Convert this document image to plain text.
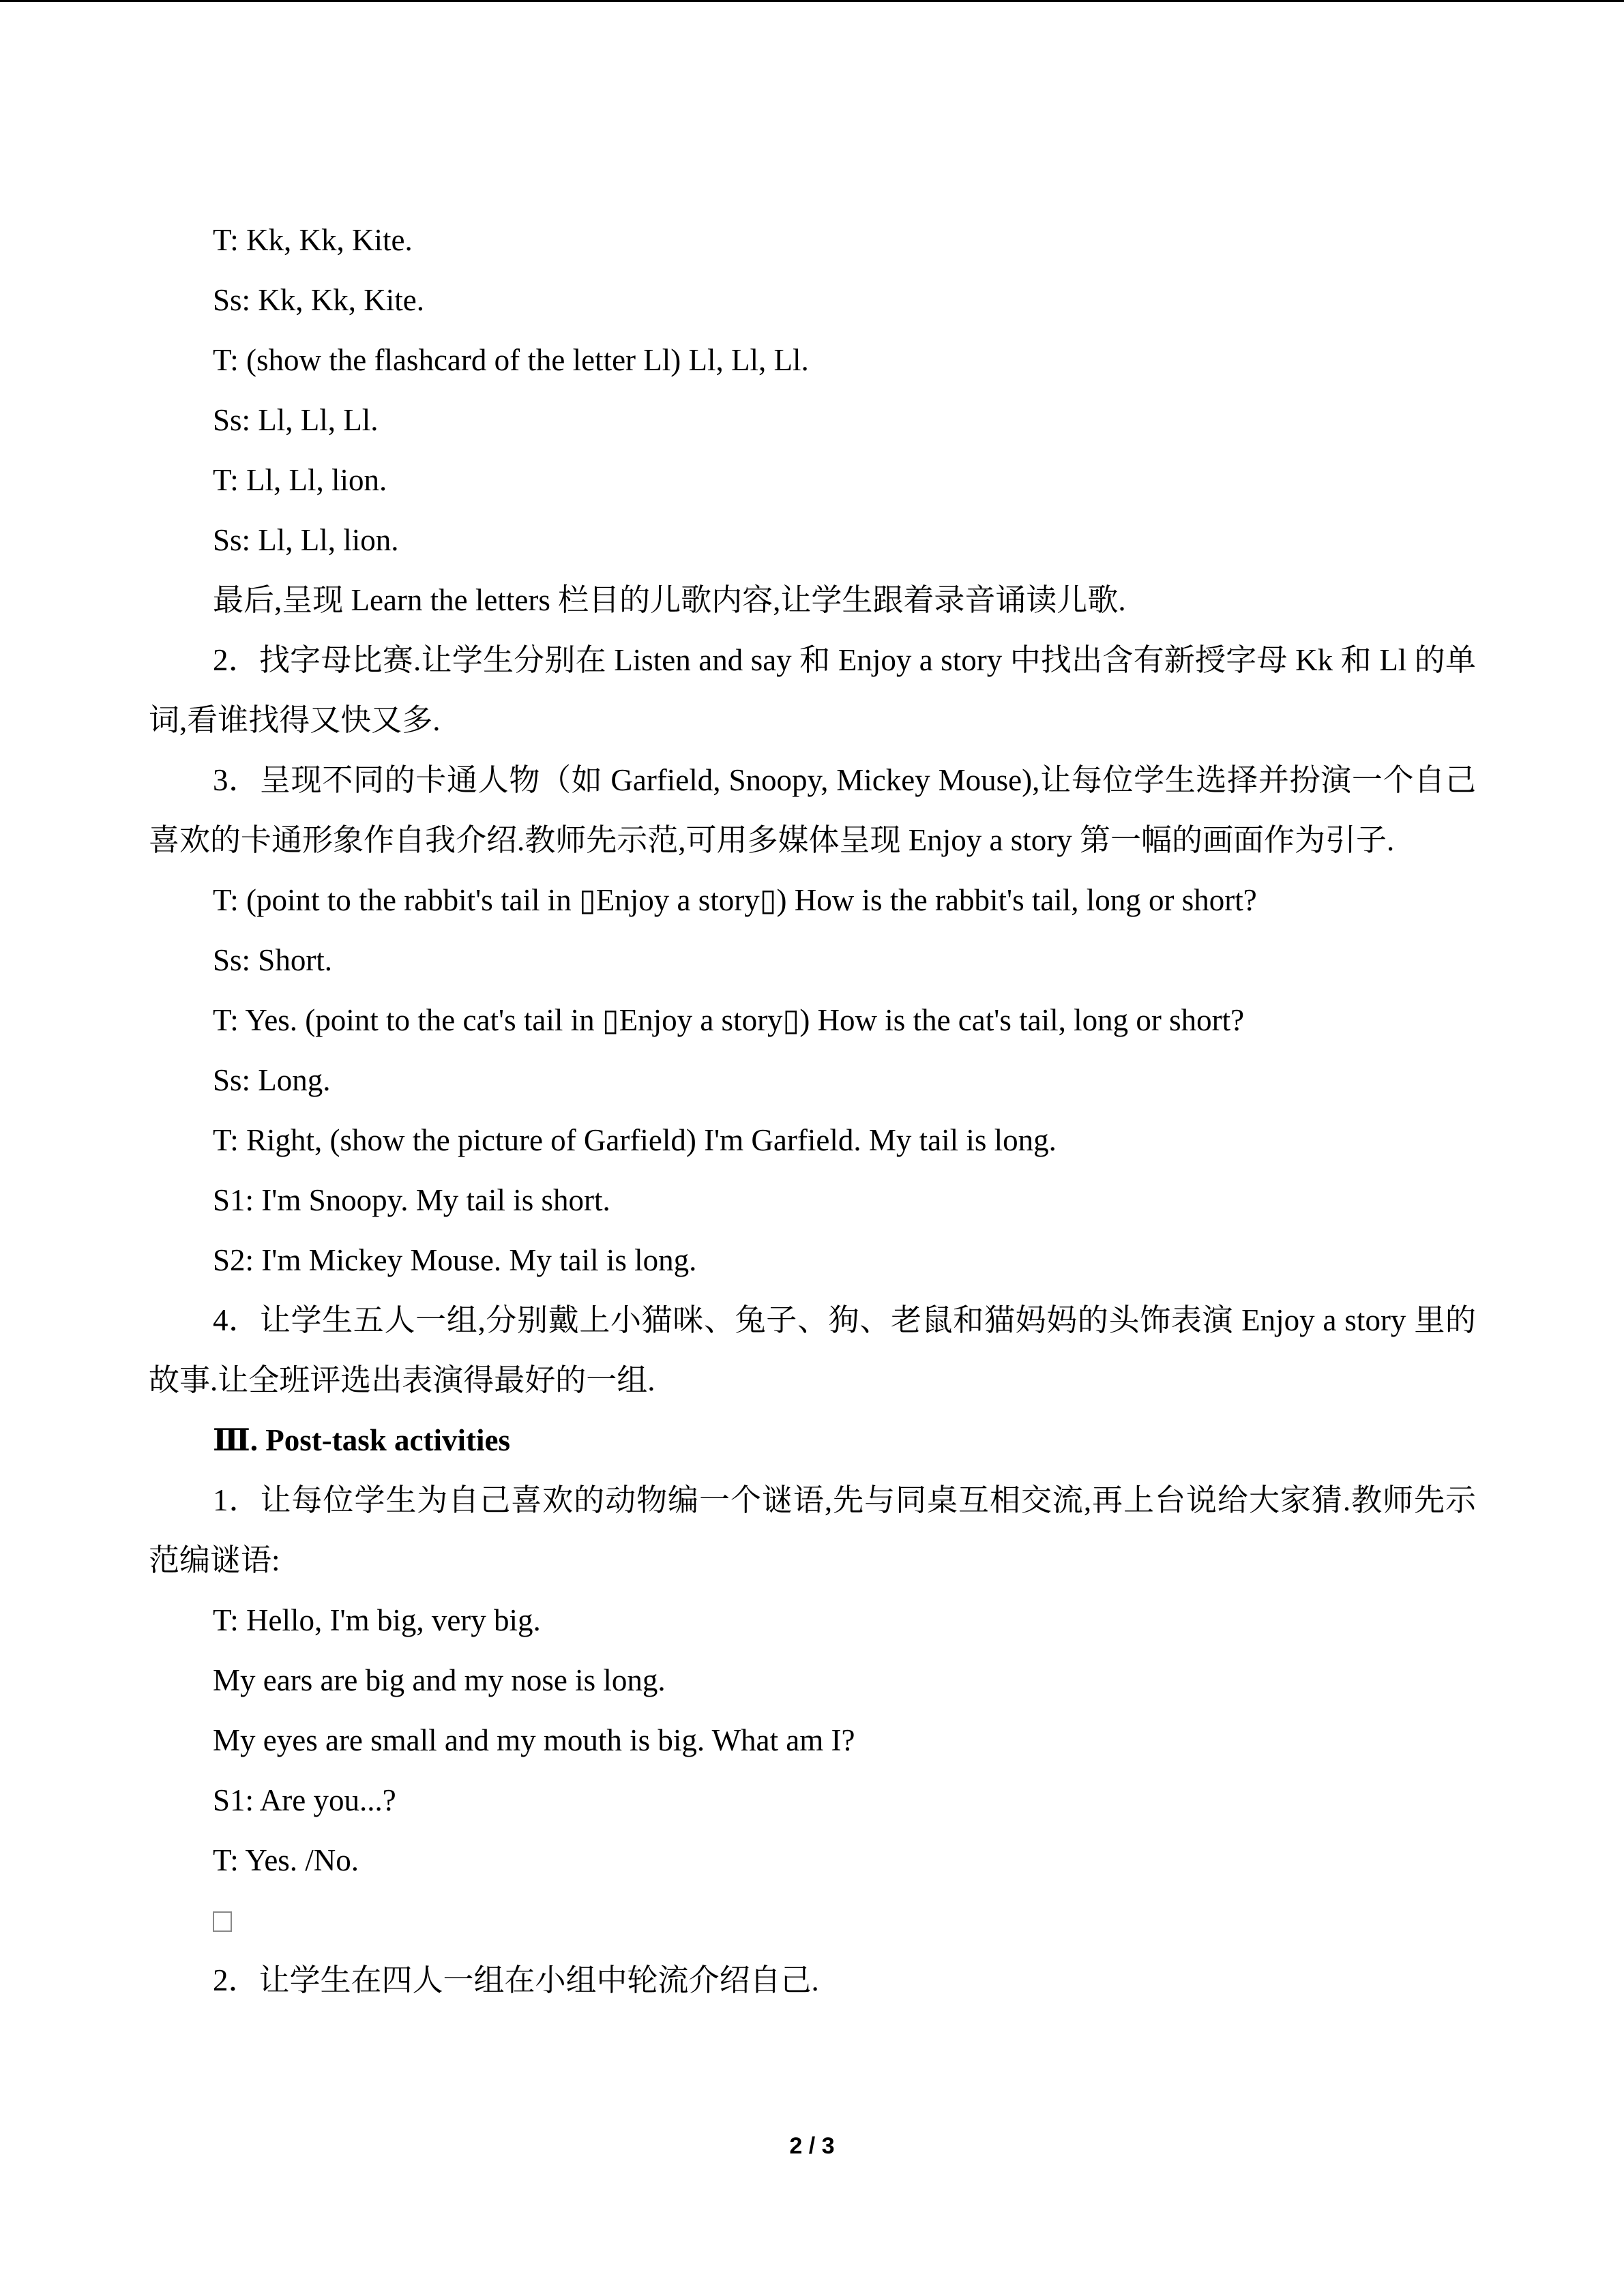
T: Kk, Kk, Kite.
Ss: Kk, Kk, Kite.
T: (show the flashcard of the letter Ll) Ll, Ll, Ll.
Ss: Ll, Ll, Ll.
T: Ll, Ll, lion.
Ss: Ll, Ll, lion.
最后,呈现 Learn the letters 栏目的儿歌内容,让学生跟着录音诵读儿歌.
2．找字母比赛.让学生分别在 Listen and say 和 Enjoy a story 中找出含有新授字母 Kk 和 Ll 的单词,看谁找得又快又多.
3．呈现不同的卡通人物（如 Garfield, Snoopy, Mickey Mouse),让每位学生选择并扮演一个自己喜欢的卡通形象作自我介绍.教师先示范,可用多媒体呈现 Enjoy a story 第一幅的画面作为引子.
T: (point to the rabbit's tail in ▯Enjoy a story▯) How is the rabbit's tail, long or short?
Ss: Short.
T: Yes. (point to the cat's tail in ▯Enjoy a story▯) How is the cat's tail, long or short?
Ss: Long.
T: Right, (show the picture of Garfield) I'm Garfield. My tail is long.
S1: I'm Snoopy. My tail is short.
S2: I'm Mickey Mouse. My tail is long.
4．让学生五人一组,分别戴上小猫咪、兔子、狗、老鼠和猫妈妈的头饰表演 Enjoy a story 里的故事.让全班评选出表演得最好的一组.
Ⅲ. Post-task activities
1．让每位学生为自己喜欢的动物编一个谜语,先与同桌互相交流,再上台说给大家猜.教师先示范编谜语:
T: Hello, I'm big, very big.
My ears are big and my nose is long.
My eyes are small and my mouth is big. What am I?
S1: Are you...?
T: Yes. /No.
2．让学生在四人一组在小组中轮流介绍自己.
2 / 3
